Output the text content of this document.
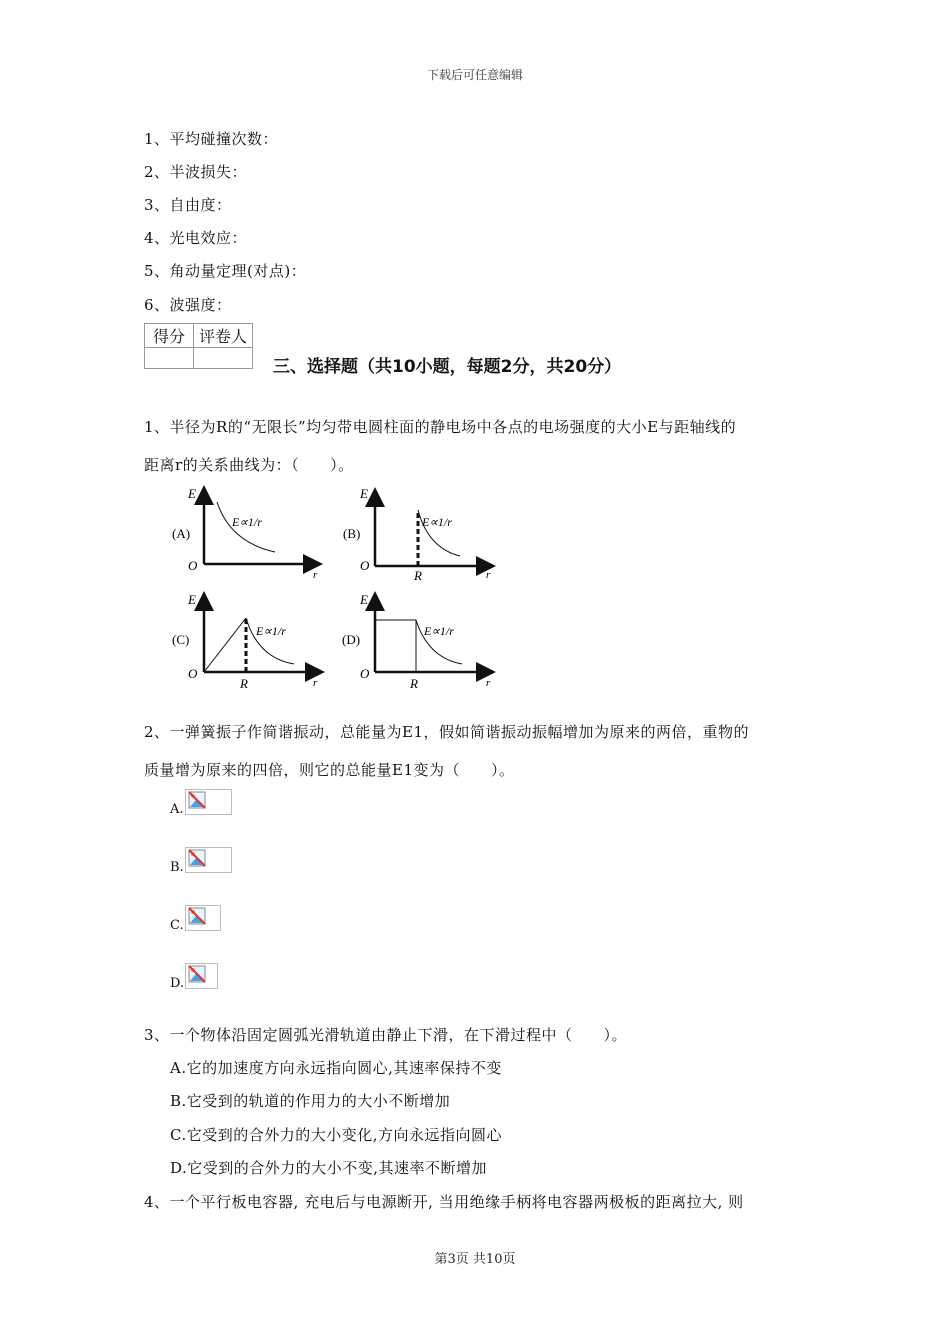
下载后可任意编辑
1、平均碰撞次数：
2、半波损失：
3、自由度：
4、光电效应：
5、角动量定理(对点)：
6、波强度：
得分	评卷人

三、选择题（共10小题，每题2分，共20分）
1、半径为R的“无限长”均匀带电圆柱面的静电场中各点的电场强度的大小E与距轴线的
距离r的关系曲线为：（　　）。
(A)
E
O
r
E∝1/r
(B)
E
O
r
R
E∝1/r
(C)
E
O
r
R
E∝1/r
(D)
E
O
r
R
E∝1/r
2、一弹簧振子作简谐振动，总能量为E1，假如简谐振动振幅增加为原来的两倍，重物的
质量增为原来的四倍，则它的总能量E1变为（　　）。
A.
B.
C.
D.
3、一个物体沿固定圆弧光滑轨道由静止下滑，在下滑过程中（　　）。
A.它的加速度方向永远指向圆心,其速率保持不变
B.它受到的轨道的作用力的大小不断增加
C.它受到的合外力的大小变化,方向永远指向圆心
D.它受到的合外力的大小不变,其速率不断增加
4、一个平行板电容器, 充电后与电源断开, 当用绝缘手柄将电容器两极板的距离拉大, 则
第3页 共10页
